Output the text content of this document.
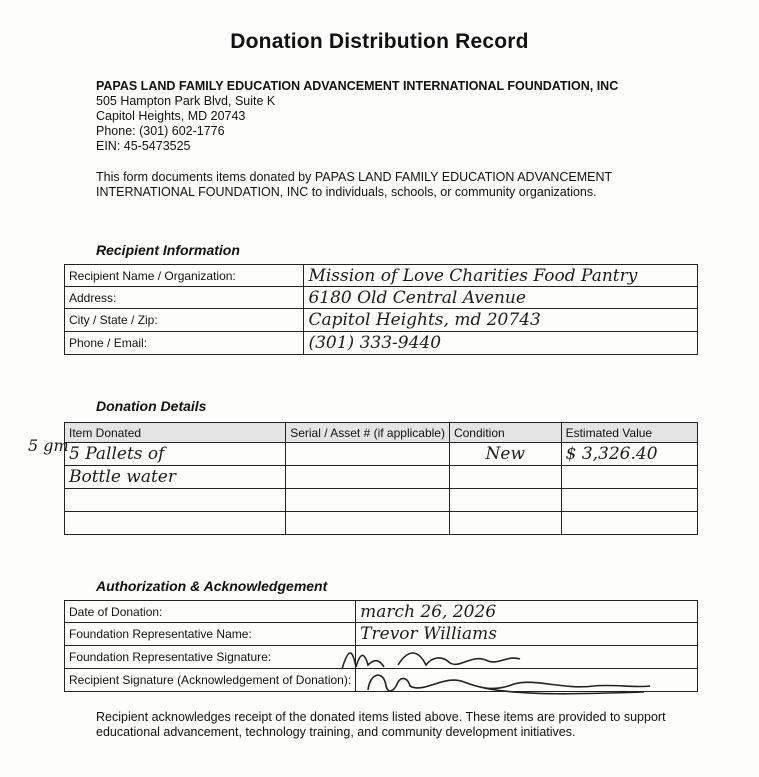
Donation Distribution Record
PAPAS LAND FAMILY EDUCATION ADVANCEMENT INTERNATIONAL FOUNDATION, INC
505 Hampton Park Blvd, Suite K
Capitol Heights, MD 20743
Phone: (301) 602-1776
EIN: 45-5473525
This form documents items donated by PAPAS LAND FAMILY EDUCATION ADVANCEMENT
INTERNATIONAL FOUNDATION, INC to individuals, schools, or community organizations.
Recipient Information
Recipient Name / Organization:	Mission of Love Charities Food Pantry
Address:	6180 Old Central Avenue
City / State / Zip:	Capitol Heights, md 20743
Phone / Email:	(301) 333-9440
Donation Details
Item Donated	Serial / Asset # (if applicable)	Condition	Estimated Value
5 Pallets of		New	$ 3,326.40
Bottle water			

5 gm
Authorization & Acknowledgement
Date of Donation:	march 26, 2026
Foundation Representative Name:	Trevor Williams
Foundation Representative Signature:	
Recipient Signature (Acknowledgement of Donation):	
Recipient acknowledges receipt of the donated items listed above. These items are provided to support
educational advancement, technology training, and community development initiatives.
